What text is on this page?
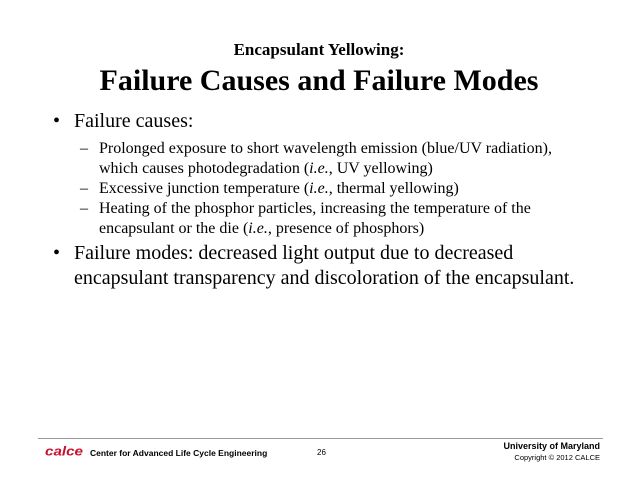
Encapsulant Yellowing:
Failure Causes and Failure Modes
• Failure causes:
– Prolonged exposure to short wavelength emission (blue/UV radiation),
which causes photodegradation (i.e., UV yellowing)
– Excessive junction temperature (i.e., thermal yellowing)
– Heating of the phosphor particles, increasing the temperature of the
encapsulant or the die (i.e., presence of phosphors)
• Failure modes: decreased light output due to decreased
encapsulant transparency and discoloration of the encapsulant.
calce Center for Advanced Life Cycle Engineering	26
University of Maryland
Copyright © 2012 CALCE
